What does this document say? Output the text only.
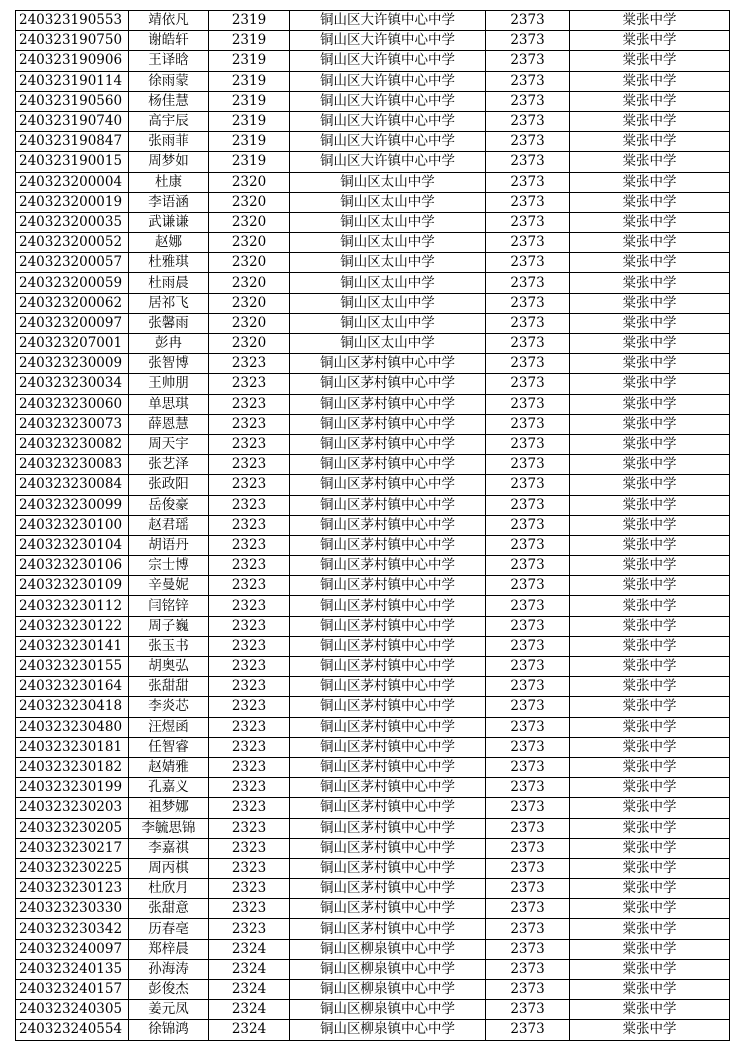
240323190553	靖依凡	2319	铜山区大许镇中心中学	2373	棠张中学
240323190750	谢皓轩	2319	铜山区大许镇中心中学	2373	棠张中学
240323190906	王译晗	2319	铜山区大许镇中心中学	2373	棠张中学
240323190114	徐雨蒙	2319	铜山区大许镇中心中学	2373	棠张中学
240323190560	杨佳慧	2319	铜山区大许镇中心中学	2373	棠张中学
240323190740	高宇辰	2319	铜山区大许镇中心中学	2373	棠张中学
240323190847	张雨菲	2319	铜山区大许镇中心中学	2373	棠张中学
240323190015	周梦如	2319	铜山区大许镇中心中学	2373	棠张中学
240323200004	杜康	2320	铜山区太山中学	2373	棠张中学
240323200019	李语涵	2320	铜山区太山中学	2373	棠张中学
240323200035	武谦谦	2320	铜山区太山中学	2373	棠张中学
240323200052	赵娜	2320	铜山区太山中学	2373	棠张中学
240323200057	杜雅琪	2320	铜山区太山中学	2373	棠张中学
240323200059	杜雨晨	2320	铜山区太山中学	2373	棠张中学
240323200062	居祁飞	2320	铜山区太山中学	2373	棠张中学
240323200097	张馨雨	2320	铜山区太山中学	2373	棠张中学
240323207001	彭冉	2320	铜山区太山中学	2373	棠张中学
240323230009	张智博	2323	铜山区茅村镇中心中学	2373	棠张中学
240323230034	王帅朋	2323	铜山区茅村镇中心中学	2373	棠张中学
240323230060	单思琪	2323	铜山区茅村镇中心中学	2373	棠张中学
240323230073	薛恩慧	2323	铜山区茅村镇中心中学	2373	棠张中学
240323230082	周天宇	2323	铜山区茅村镇中心中学	2373	棠张中学
240323230083	张艺泽	2323	铜山区茅村镇中心中学	2373	棠张中学
240323230084	张政阳	2323	铜山区茅村镇中心中学	2373	棠张中学
240323230099	岳俊豪	2323	铜山区茅村镇中心中学	2373	棠张中学
240323230100	赵君瑶	2323	铜山区茅村镇中心中学	2373	棠张中学
240323230104	胡语丹	2323	铜山区茅村镇中心中学	2373	棠张中学
240323230106	宗士博	2323	铜山区茅村镇中心中学	2373	棠张中学
240323230109	辛曼妮	2323	铜山区茅村镇中心中学	2373	棠张中学
240323230112	闫铭锌	2323	铜山区茅村镇中心中学	2373	棠张中学
240323230122	周子巍	2323	铜山区茅村镇中心中学	2373	棠张中学
240323230141	张玉书	2323	铜山区茅村镇中心中学	2373	棠张中学
240323230155	胡奥弘	2323	铜山区茅村镇中心中学	2373	棠张中学
240323230164	张甜甜	2323	铜山区茅村镇中心中学	2373	棠张中学
240323230418	李炎芯	2323	铜山区茅村镇中心中学	2373	棠张中学
240323230480	汪煜函	2323	铜山区茅村镇中心中学	2373	棠张中学
240323230181	任智睿	2323	铜山区茅村镇中心中学	2373	棠张中学
240323230182	赵婧雅	2323	铜山区茅村镇中心中学	2373	棠张中学
240323230199	孔嘉义	2323	铜山区茅村镇中心中学	2373	棠张中学
240323230203	祖梦娜	2323	铜山区茅村镇中心中学	2373	棠张中学
240323230205	李毓思锦	2323	铜山区茅村镇中心中学	2373	棠张中学
240323230217	李嘉祺	2323	铜山区茅村镇中心中学	2373	棠张中学
240323230225	周丙棋	2323	铜山区茅村镇中心中学	2373	棠张中学
240323230123	杜欣月	2323	铜山区茅村镇中心中学	2373	棠张中学
240323230330	张甜意	2323	铜山区茅村镇中心中学	2373	棠张中学
240323230342	历春亳	2323	铜山区茅村镇中心中学	2373	棠张中学
240323240097	郑梓晨	2324	铜山区柳泉镇中心中学	2373	棠张中学
240323240135	孙海涛	2324	铜山区柳泉镇中心中学	2373	棠张中学
240323240157	彭俊杰	2324	铜山区柳泉镇中心中学	2373	棠张中学
240323240305	姜元凤	2324	铜山区柳泉镇中心中学	2373	棠张中学
240323240554	徐锦鸿	2324	铜山区柳泉镇中心中学	2373	棠张中学
